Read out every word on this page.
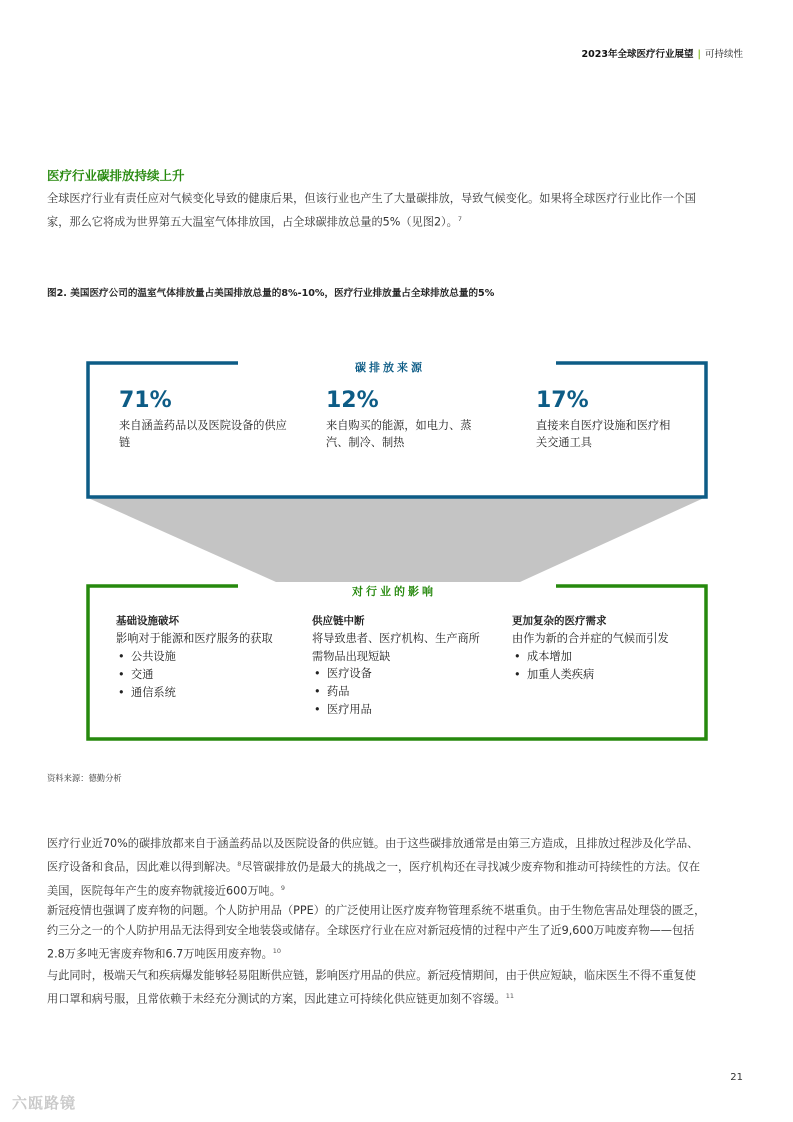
2023年全球医疗行业展望 | 可持续性
医疗行业碳排放持续上升
全球医疗行业有责任应对气候变化导致的健康后果，但该行业也产生了大量碳排放，导致气候变化。如果将全球医疗行业比作一个国家，那么它将成为世界第五大温室气体排放国，占全球碳排放总量的5%（见图2）。$^7$
图2. 美国医疗公司的温室气体排放量占美国排放总量的8%-10%，医疗行业排放量占全球排放总量的5%
碳排放来源
71%
来自涵盖药品以及医院设备的供应链
12%
来自购买的能源，如电力、蒸汽、制冷、制热
17%
直接来自医疗设施和医疗相关交通工具
对行业的影响
基础设施破坏
影响对于能源和医疗服务的获取
• 公共设施
• 交通
• 通信系统
供应链中断
将导致患者、医疗机构、生产商所需物品出现短缺
• 医疗设备
• 药品
• 医疗用品
更加复杂的医疗需求
由作为新的合并症的气候而引发
• 成本增加
• 加重人类疾病
资料来源：德勤分析
医疗行业近70%的碳排放都来自于涵盖药品以及医院设备的供应链。由于这些碳排放通常是由第三方造成，且排放过程涉及化学品、医疗设备和食品，因此难以得到解决。$^8$尽管碳排放仍是最大的挑战之一，医疗机构还在寻找减少废弃物和推动可持续性的方法。仅在美国，医院每年产生的废弃物就接近600万吨。$^9$
新冠疫情也强调了废弃物的问题。个人防护用品（PPE）的广泛使用让医疗废弃物管理系统不堪重负。由于生物危害品处理袋的匮乏，约三分之一的个人防护用品无法得到安全地装袋或储存。全球医疗行业在应对新冠疫情的过程中产生了近9,600万吨废弃物——包括2.8万多吨无害废弃物和6.7万吨医用废弃物。$^{10}$
与此同时，极端天气和疾病爆发能够轻易阻断供应链，影响医疗用品的供应。新冠疫情期间，由于供应短缺，临床医生不得不重复使用口罩和病号服，且常依赖于未经充分测试的方案，因此建立可持续化供应链更加刻不容缓。$^{11}$
21
六瓯路镜
